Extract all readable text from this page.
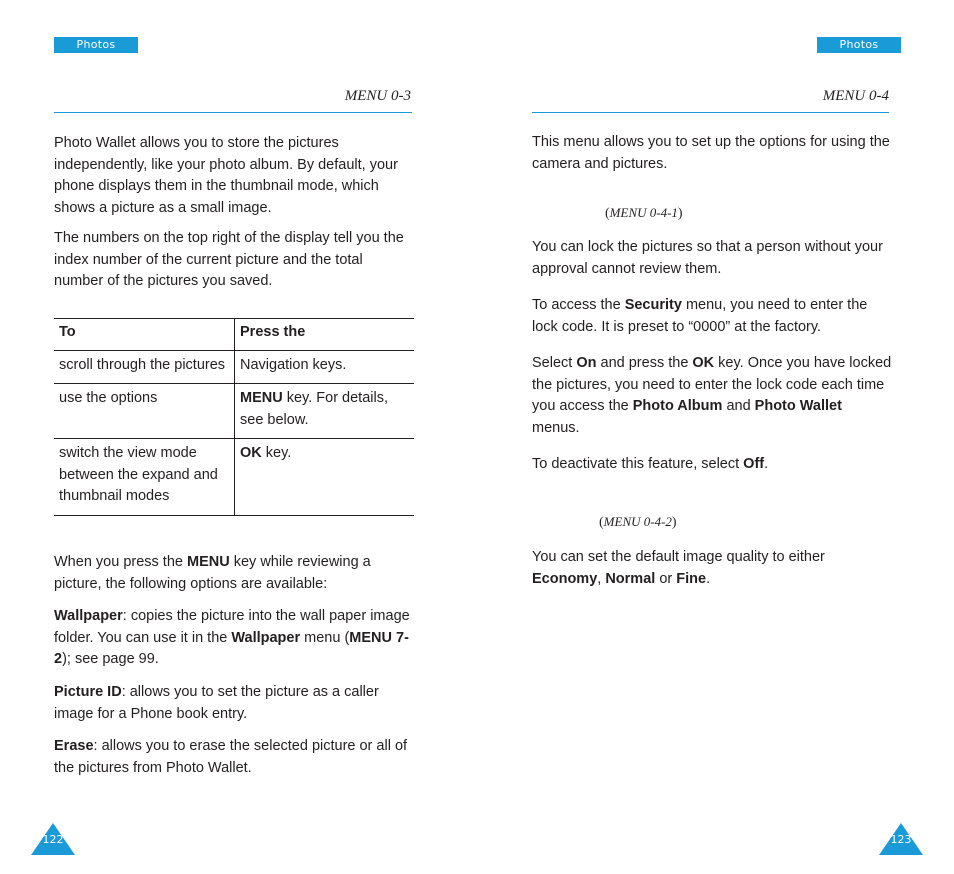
Photos
MENU 0-3

Photo Wallet allows you to store the pictures independently, like your photo album. By default, your phone displays them in the thumbnail mode, which shows a picture as a small image.

The numbers on the top right of the display tell you the index number of the current picture and the total number of the pictures you saved.

To	Press the
scroll through the pictures	Navigation keys.
use the options	MENU key. For details, see below.
switch the view mode between the expand and thumbnail modes	OK key.

When you press the MENU key while reviewing a picture, the following options are available:

Wallpaper: copies the picture into the wall paper image folder. You can use it in the Wallpaper menu (MENU 7-2); see page 99.

Picture ID: allows you to set the picture as a caller image for a Phone book entry.

Erase: allows you to erase the selected picture or all of the pictures from Photo Wallet.

122
Photos
MENU 0-4

This menu allows you to set up the options for using the camera and pictures.

(MENU 0-4-1)

You can lock the pictures so that a person without your approval cannot review them.

To access the Security menu, you need to enter the lock code. It is preset to “0000” at the factory.

Select On and press the OK key. Once you have locked the pictures, you need to enter the lock code each time you access the Photo Album and Photo Wallet menus.

To deactivate this feature, select Off.

(MENU 0-4-2)

You can set the default image quality to either Economy, Normal or Fine.

123
